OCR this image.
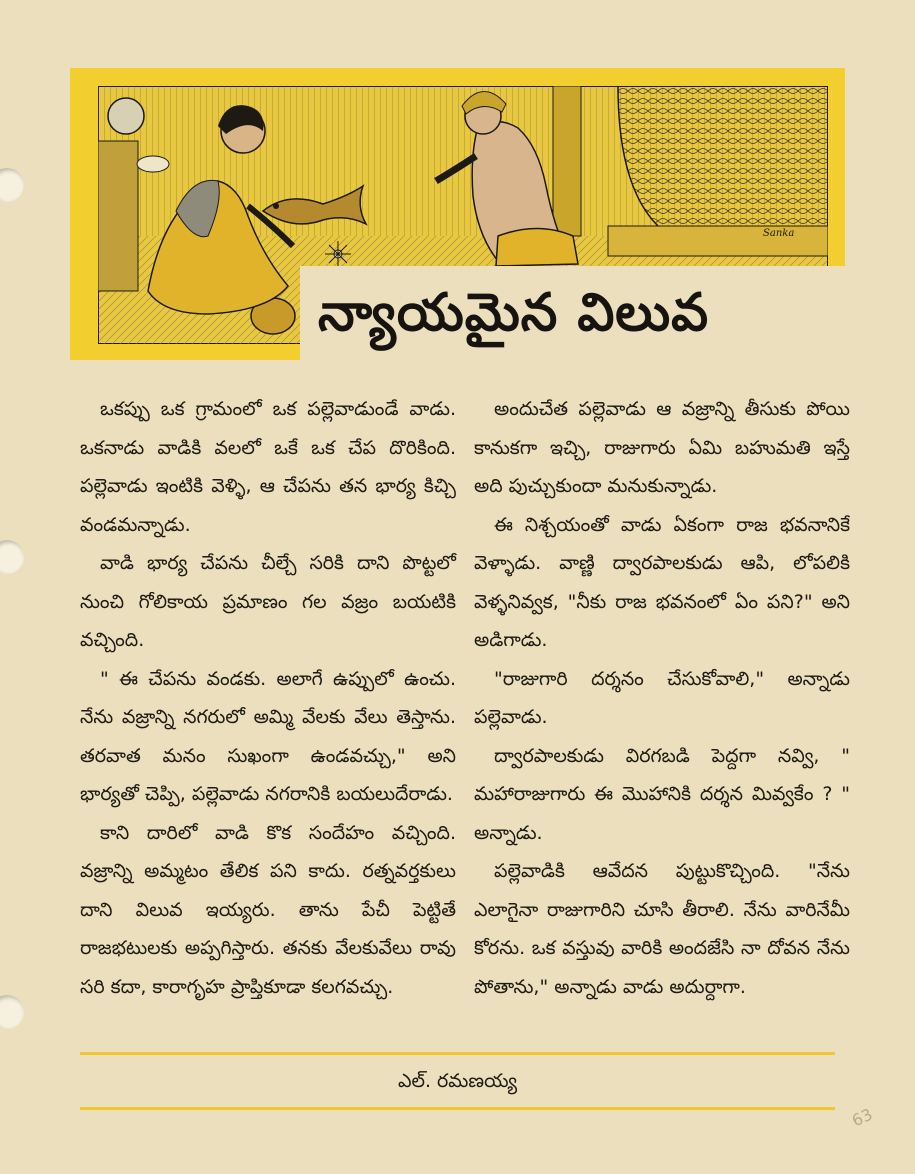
Sanka
న్యాయమైన విలువ

ఒకప్పు ఒక గ్రామంలో ఒక పల్లెవాడుండే వాడు. ఒకనాడు వాడికి వలలో ఒకే ఒక చేప దొరికింది. పల్లెవాడు ఇంటికి వెళ్ళి, ఆ చేపను తన భార్య కిచ్చి వండమన్నాడు.

వాడి భార్య చేపను చీల్చే సరికి దాని పొట్టలో నుంచి గోలికాయ ప్రమాణం గల వజ్రం బయటికి వచ్చింది.

" ఈ చేపను వండకు. అలాగే ఉప్పులో ఉంచు. నేను వజ్రాన్ని నగరులో అమ్మి వేలకు వేలు తెస్తాను. తరవాత మనం సుఖంగా ఉండవచ్చు," అని భార్యతో చెప్పి, పల్లెవాడు నగరానికి బయలుదేరాడు.

కాని దారిలో వాడి కొక సందేహం వచ్చింది. వజ్రాన్ని అమ్మటం తేలిక పని కాదు. రత్నవర్తకులు దాని విలువ ఇయ్యరు. తాను పేచీ పెట్టితే రాజభటులకు అప్పగిస్తారు. తనకు వేలకువేలు రావు సరి కదా, కారాగృహ ప్రాప్తికూడా కలగవచ్చు.

అందుచేత పల్లెవాడు ఆ వజ్రాన్ని తీసుకు పోయి కానుకగా ఇచ్చి, రాజుగారు ఏమి బహుమతి ఇస్తే అది పుచ్చుకుందా మనుకున్నాడు.

ఈ నిశ్చయంతో వాడు ఏకంగా రాజ భవనానికే వెళ్ళాడు. వాణ్ణి ద్వారపాలకుడు ఆపి, లోపలికి వెళ్ళనివ్వక, "నీకు రాజ భవనంలో ఏం పని?" అని అడిగాడు.

"రాజుగారి దర్శనం చేసుకోవాలి," అన్నాడు పల్లెవాడు.

ద్వారపాలకుడు విరగబడి పెద్దగా నవ్వి, " మహారాజుగారు ఈ మొహానికి దర్శన మివ్వకేం ? " అన్నాడు.

పల్లెవాడికి ఆవేదన పుట్టుకొచ్చింది. "నేను ఎలాగైనా రాజుగారిని చూసి తీరాలి. నేను వారినేమీ కోరను. ఒక వస్తువు వారికి అందజేసి నా దోవన నేను పోతాను," అన్నాడు వాడు అదుర్దాగా.

ఎల్. రమణయ్య
63
